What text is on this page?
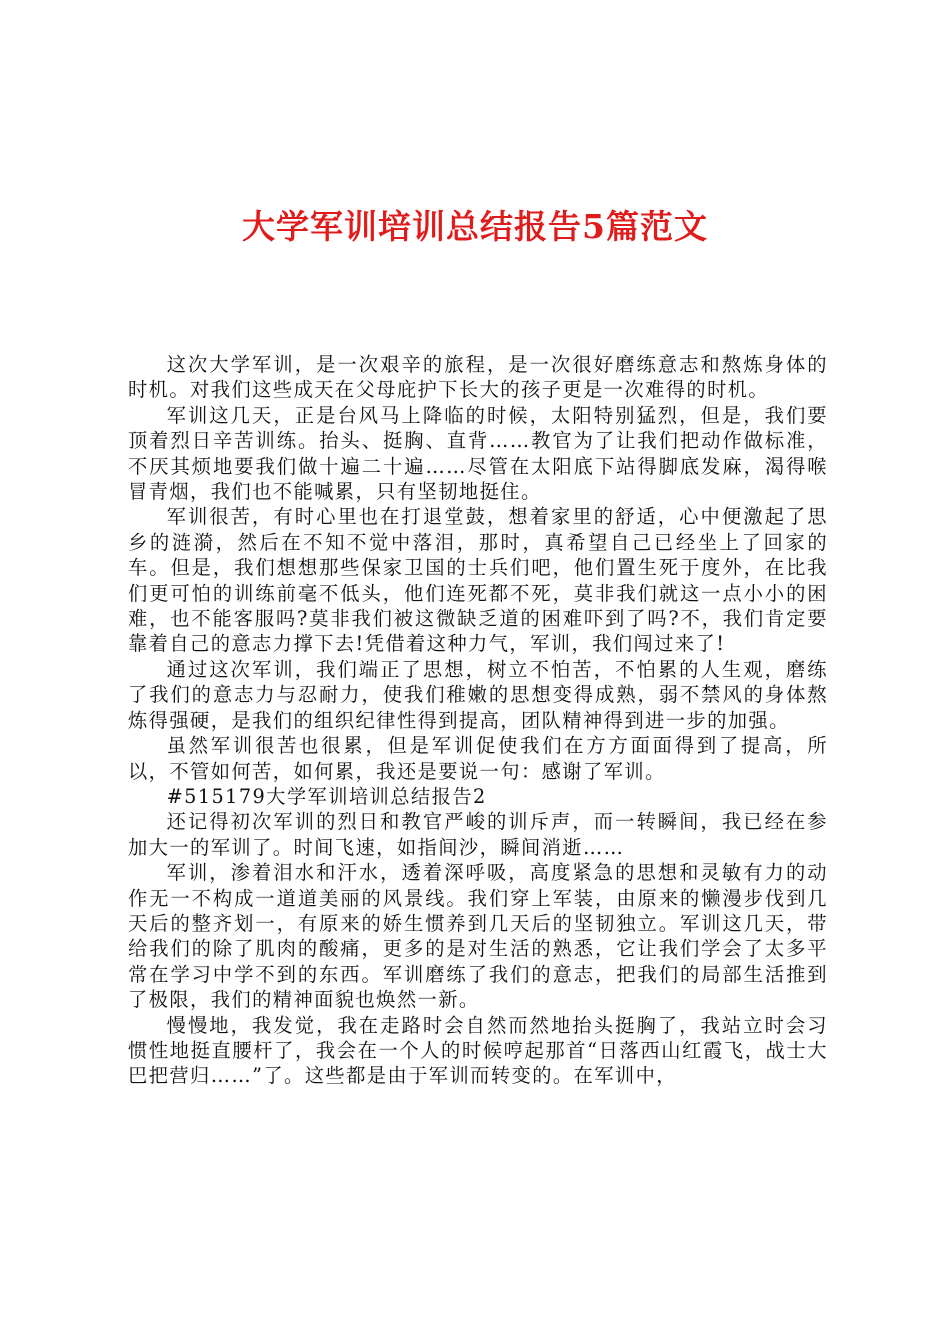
大学军训培训总结报告5篇范文

这次大学军训，是一次艰辛的旅程，是一次很好磨练意志和熬炼身体的时机。对我们这些成天在父母庇护下长大的孩子更是一次难得的时机。

军训这几天，正是台风马上降临的时候，太阳特别猛烈，但是，我们要顶着烈日辛苦训练。抬头、挺胸、直背……教官为了让我们把动作做标准，不厌其烦地要我们做十遍二十遍……尽管在太阳底下站得脚底发麻，渴得喉冒青烟，我们也不能喊累，只有坚韧地挺住。

军训很苦，有时心里也在打退堂鼓，想着家里的舒适，心中便激起了思乡的涟漪，然后在不知不觉中落泪，那时，真希望自己已经坐上了回家的车。但是，我们想想那些保家卫国的士兵们吧，他们置生死于度外，在比我们更可怕的训练前毫不低头，他们连死都不死，莫非我们就这一点小小的困难，也不能客服吗?莫非我们被这微缺乏道的困难吓到了吗?不，我们肯定要靠着自己的意志力撑下去!凭借着这种力气，军训，我们闯过来了!

通过这次军训，我们端正了思想，树立不怕苦，不怕累的人生观，磨练了我们的意志力与忍耐力，使我们稚嫩的思想变得成熟，弱不禁风的身体熬炼得强硬，是我们的组织纪律性得到提高，团队精神得到进一步的加强。

虽然军训很苦也很累，但是军训促使我们在方方面面得到了提高，所以，不管如何苦，如何累，我还是要说一句：感谢了军训。

#515179大学军训培训总结报告2

还记得初次军训的烈日和教官严峻的训斥声，而一转瞬间，我已经在参加大一的军训了。时间飞速，如指间沙，瞬间消逝……

军训，渗着泪水和汗水，透着深呼吸，高度紧急的思想和灵敏有力的动作无一不构成一道道美丽的风景线。我们穿上军装，由原来的懒漫步伐到几天后的整齐划一，有原来的娇生惯养到几天后的坚韧独立。军训这几天，带给我们的除了肌肉的酸痛，更多的是对生活的熟悉，它让我们学会了太多平常在学习中学不到的东西。军训磨练了我们的意志，把我们的局部生活推到了极限，我们的精神面貌也焕然一新。

慢慢地，我发觉，我在走路时会自然而然地抬头挺胸了，我站立时会习惯性地挺直腰杆了，我会在一个人的时候哼起那首“日落西山红霞飞，战士大巴把营归……”了。这些都是由于军训而转变的。在军训中，
